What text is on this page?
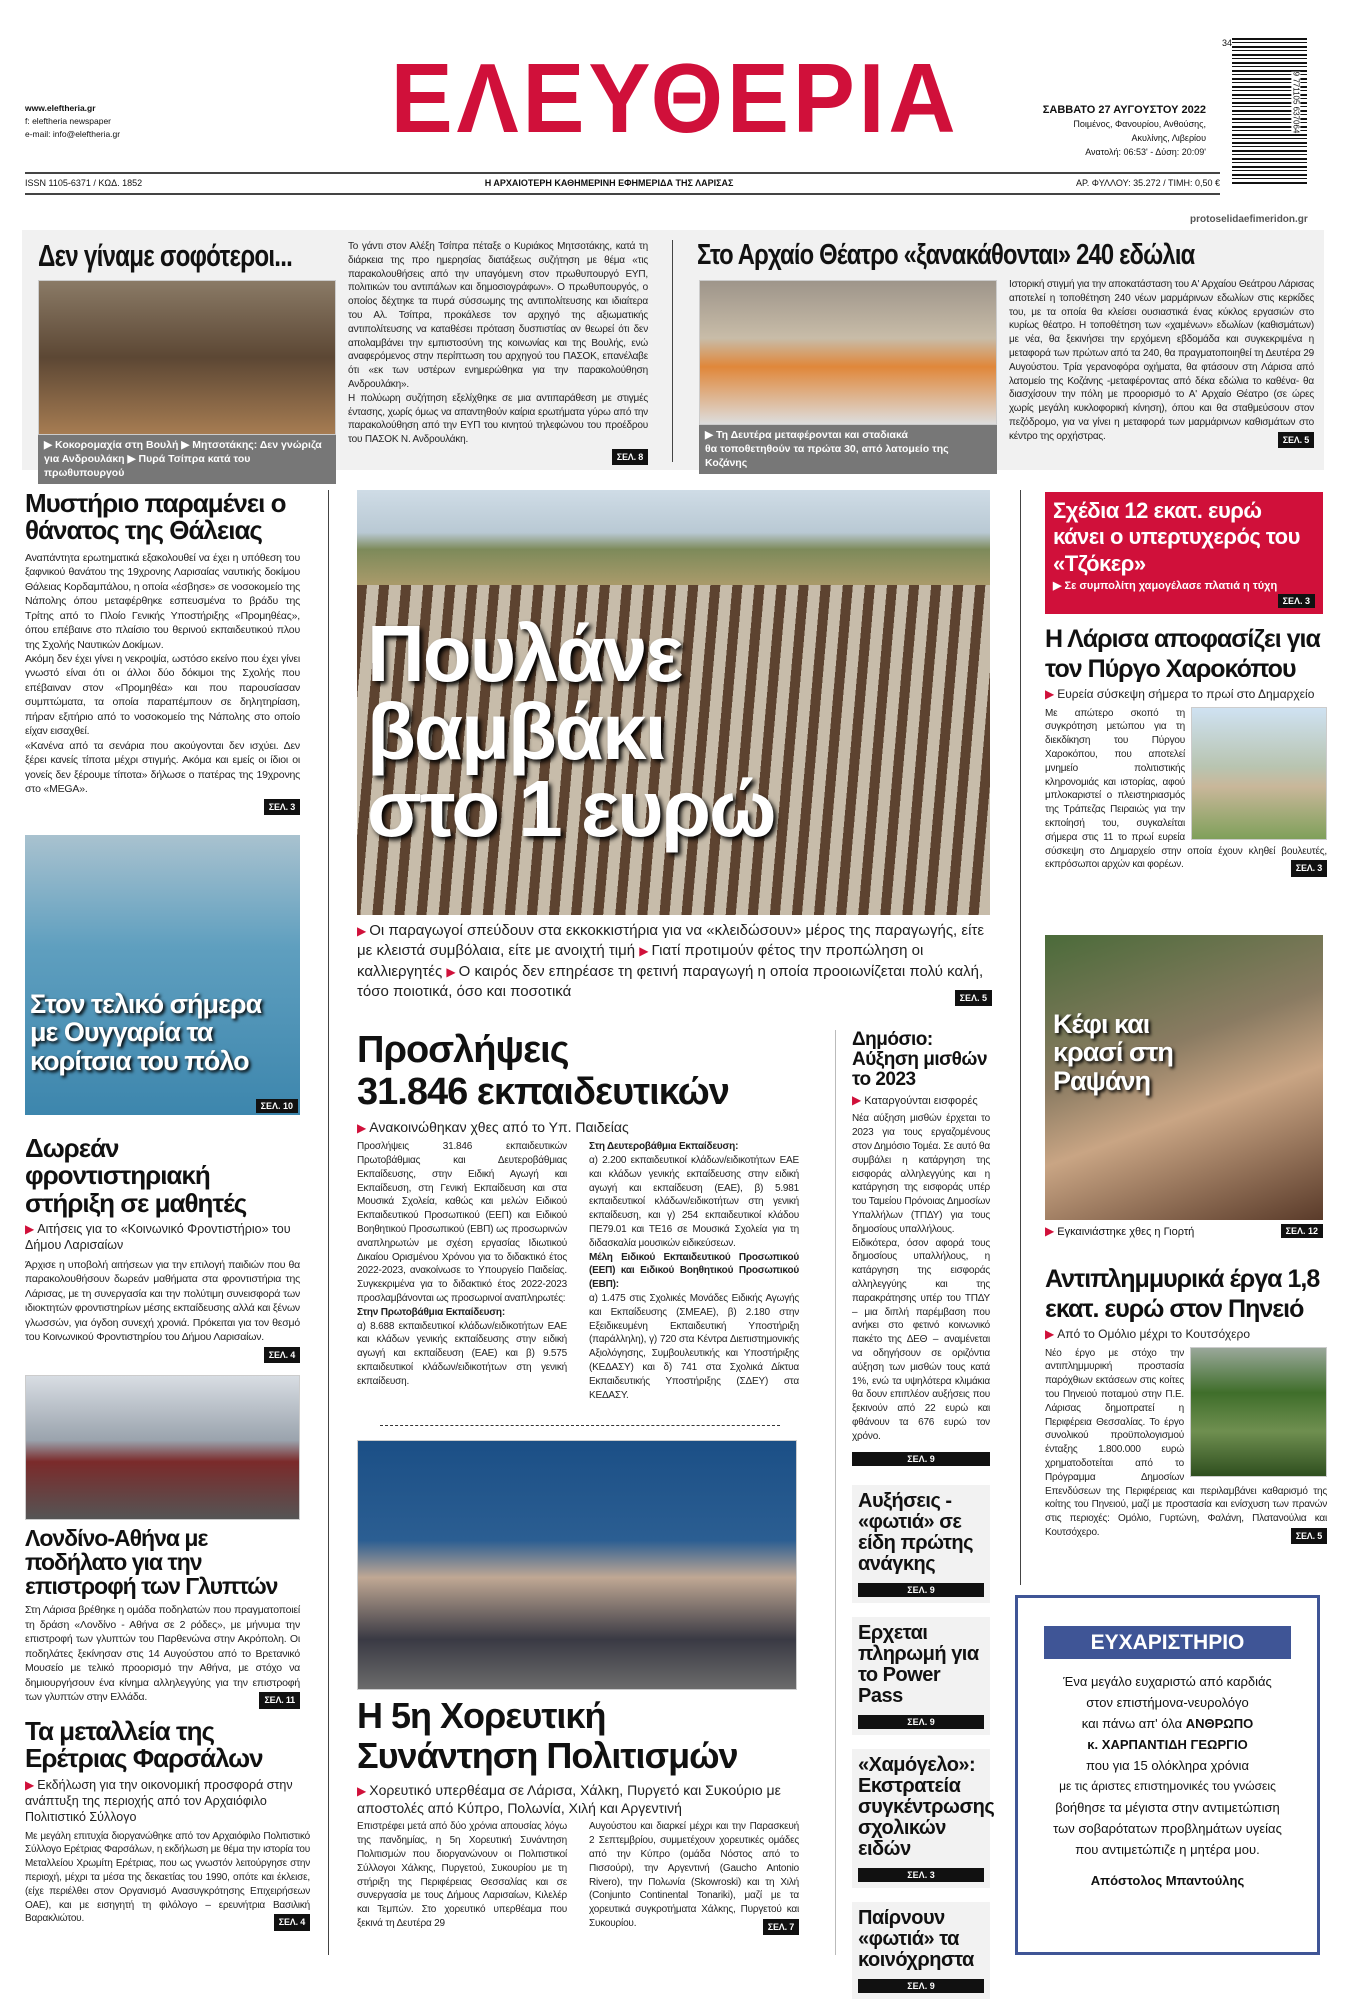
www.eleftheria.gr
f: eleftheria newspaper
e-mail: info@eleftheria.gr	ΕΛΕΥΘΕΡΙΑ	ΣΑΒΒΑΤΟ 27 ΑΥΓΟΥΣΤΟΥ 2022
Ποιμένος, Φανουρίου, Ανθούσης,
Ακυλίνης, Λιβερίου
Ανατολή: 06:53' - Δύση: 20:09'
9 771105 637064
34
ISSN 1105-6371 / ΚΩΔ. 1852	Η ΑΡΧΑΙΟΤΕΡΗ ΚΑΘΗΜΕΡΙΝΗ ΕΦΗΜΕΡΙΔΑ ΤΗΣ ΛΑΡΙΣΑΣ	ΑΡ. ΦΥΛΛΟΥ: 35.272 / ΤΙΜΗ: 0,50 €
protoselidaefimeridon.gr
Δεν γίναμε σοφότεροι...
▶ Κοκορομαχία στη Βουλή ▶ Μητσοτάκης: Δεν γνώριζα
για Ανδρουλάκη ▶ Πυρά Τσίπρα κατά του πρωθυπουργού
Το γάντι στον Αλέξη Τσίπρα πέταξε ο Κυριάκος Μητσοτάκης, κατά τη διάρκεια της προ ημερησίας διατάξεως συζήτηση με θέμα «τις παρακολουθήσεις από την υπαγόμενη στον πρωθυπουργό ΕΥΠ, πολιτικών του αντιπάλων και δημοσιογράφων». Ο πρωθυπουργός, ο οποίος δέχτηκε τα πυρά σύσσωμης της αντιπολίτευσης και ιδιαίτερα του Αλ. Τσίπρα, προκάλεσε τον αρχηγό της αξιωματικής αντιπολίτευσης να καταθέσει πρόταση δυσπιστίας αν θεωρεί ότι δεν απολαμβάνει την εμπιστοσύνη της κοινωνίας και της Βουλής, ενώ αναφερόμενος στην περίπτωση του αρχηγού του ΠΑΣΟΚ, επανέλαβε ότι «εκ των υστέρων ενημερώθηκα για την παρακολούθηση Ανδρουλάκη».
Η πολύωρη συζήτηση εξελίχθηκε σε μια αντιπαράθεση με στιγμές έντασης, χωρίς όμως να απαντηθούν καίρια ερωτήματα γύρω από την παρακολούθηση από την ΕΥΠ του κινητού τηλεφώνου του προέδρου του ΠΑΣΟΚ Ν. Ανδρουλάκη.
ΣΕΛ. 8
Στο Αρχαίο Θέατρο «ξανακάθονται» 240 εδώλια
▶ Τη Δευτέρα μεταφέρονται και σταδιακά
θα τοποθετηθούν τα πρώτα 30, από λατομείο της Κοζάνης
Ιστορική στιγμή για την αποκατάσταση του Α' Αρχαίου Θεάτρου Λάρισας αποτελεί η τοποθέτηση 240 νέων μαρμάρινων εδωλίων στις κερκίδες του, με τα οποία θα κλείσει ουσιαστικά ένας κύκλος εργασιών στο κυρίως θέατρο. Η τοποθέτηση των «χαμένων» εδωλίων (καθισμάτων) με νέα, θα ξεκινήσει την ερχόμενη εβδομάδα και συγκεκριμένα η μεταφορά των πρώτων από τα 240, θα πραγματοποιηθεί τη Δευτέρα 29 Αυγούστου. Τρία γερανοφόρα οχήματα, θα φτάσουν στη Λάρισα από λατομείο της Κοζάνης -μεταφέροντας από δέκα εδώλια το καθένα- θα διασχίσουν την πόλη με προορισμό το Α' Αρχαίο Θέατρο (σε ώρες χωρίς μεγάλη κυκλοφορική κίνηση), όπου και θα σταθμεύσουν στον πεζόδρομο, για να γίνει η μεταφορά των μαρμάρινων καθισμάτων στο κέντρο της ορχήστρας.	ΣΕΛ. 5
Μυστήριο παραμένει ο θάνατος της Θάλειας
Αναπάντητα ερωτηματικά εξακολουθεί να έχει η υπόθεση του ξαφνικού θανάτου της 19χρονης Λαρισαίας ναυτικής δοκίμου Θάλειας Κορδαμπάλου, η οποία «έσβησε» σε νοσοκομείο της Νάπολης όπου μεταφέρθηκε εσπευσμένα το βράδυ της Τρίτης από το Πλοίο Γενικής Υποστήριξης «Προμηθέας», όπου επέβαινε στο πλαίσιο του θερινού εκπαιδευτικού πλου της Σχολής Ναυτικών Δοκίμων.
Ακόμη δεν έχει γίνει η νεκροψία, ωστόσο εκείνο που έχει γίνει γνωστό είναι ότι οι άλλοι δύο δόκιμοι της Σχολής που επέβαιναν στον «Προμηθέα» και που παρουσίασαν συμπτώματα, τα οποία παραπέμπουν σε δηλητηρίαση, πήραν εξιτήριο από το νοσοκομείο της Νάπολης στο οποίο είχαν εισαχθεί.
«Κανένα από τα σενάρια που ακούγονται δεν ισχύει. Δεν ξέρει κανείς τίποτα μέχρι στιγμής. Ακόμα και εμείς οι ίδιοι οι γονείς δεν ξέρουμε τίποτα» δήλωσε ο πατέρας της 19χρονης στο «MEGA».
ΣΕΛ. 3
Στον τελικό σήμερα με Ουγγαρία τα κορίτσια του πόλο
ΣΕΛ. 10
Δωρεάν φροντιστηριακή στήριξη σε μαθητές
▶ Αιτήσεις για το «Κοινωνικό Φροντιστήριο» του Δήμου Λαρισαίων
Άρχισε η υποβολή αιτήσεων για την επιλογή παιδιών που θα παρακολουθήσουν δωρεάν μαθήματα στα φροντιστήρια της Λάρισας, με τη συνεργασία και την πολύτιμη συνεισφορά των ιδιοκτητών φροντιστηρίων μέσης εκπαίδευσης αλλά και ξένων γλωσσών, για όγδοη συνεχή χρονιά. Πρόκειται για τον θεσμό του Κοινωνικού Φροντιστηρίου του Δήμου Λαρισαίων.
ΣΕΛ. 4
Λονδίνο-Αθήνα με ποδήλατο για την επιστροφή των Γλυπτών
Στη Λάρισα βρέθηκε η ομάδα ποδηλατών που πραγματοποιεί τη δράση «Λονδίνο - Αθήνα σε 2 ρόδες», με μήνυμα την επιστροφή των γλυπτών του Παρθενώνα στην Ακρόπολη. Οι ποδηλάτες ξεκίνησαν στις 14 Αυγούστου από το Βρετανικό Μουσείο με τελικό προορισμό την Αθήνα, με στόχο να δημιουργήσουν ένα κίνημα αλληλεγγύης για την επιστροφή των γλυπτών στην Ελλάδα.	ΣΕΛ. 11
Τα μεταλλεία της Ερέτριας Φαρσάλων
▶ Εκδήλωση για την οικονομική προσφορά στην ανάπτυξη της περιοχής από τον Αρχαιόφιλο Πολιτιστικό Σύλλογο
Με μεγάλη επιτυχία διοργανώθηκε από τον Αρχαιόφιλο Πολιτιστικό Σύλλογο Ερέτριας Φαρσάλων, η εκδήλωση με θέμα την ιστορία του Μεταλλείου Χρωμίτη Ερέτριας, που ως γνωστόν λειτούργησε στην περιοχή, μέχρι τα μέσα της δεκαετίας του 1990, οπότε και έκλεισε, (είχε περιέλθει στον Οργανισμό Ανασυγκρότησης Επιχειρήσεων ΟΑΕ), και με εισηγητή τη φιλόλογο – ερευνήτρια Βασιλική Βαρακλιώτου.	ΣΕΛ. 4
Πουλάνε
βαμβάκι
στο 1 ευρώ
▶ Οι παραγωγοί σπεύδουν στα εκκοκκιστήρια για να «κλειδώσουν» μέρος της παραγωγής, είτε με κλειστά συμβόλαια, είτε με ανοιχτή τιμή ▶ Γιατί προτιμούν φέτος την προπώληση οι καλλιεργητές ▶ Ο καιρός δεν επηρέασε τη φετινή παραγωγή η οποία προοιωνίζεται πολύ καλή, τόσο ποιοτικά, όσο και ποσοτικά	ΣΕΛ. 5
Προσλήψεις
31.846 εκπαιδευτικών
▶ Ανακοινώθηκαν χθες από το Υπ. Παιδείας
Προσλήψεις 31.846 εκπαιδευτικών Πρωτοβάθμιας και Δευτεροβάθμιας Εκπαίδευσης, στην Ειδική Αγωγή και Εκπαίδευση, στη Γενική Εκπαίδευση και στα Μουσικά Σχολεία, καθώς και μελών Ειδικού Εκπαιδευτικού Προσωπικού (ΕΕΠ) και Ειδικού Βοηθητικού Προσωπικού (ΕΒΠ) ως προσωρινών αναπληρωτών με σχέση εργασίας Ιδιωτικού Δικαίου Ορισμένου Χρόνου για το διδακτικό έτος 2022-2023, ανακοίνωσε το Υπουργείο Παιδείας. Συγκεκριμένα για το διδακτικό έτος 2022-2023 προσλαμβάνονται ως προσωρινοί αναπληρωτές:
Στην Πρωτοβάθμια Εκπαίδευση:
α) 8.688 εκπαιδευτικοί κλάδων/ειδικοτήτων ΕΑΕ και κλάδων γενικής εκπαίδευσης στην ειδική αγωγή και εκπαίδευση (ΕΑΕ) και β) 9.575 εκπαιδευτικοί κλάδων/ειδικοτήτων στη γενική εκπαίδευση.
Στη Δευτεροβάθμια Εκπαίδευση:
α) 2.200 εκπαιδευτικοί κλάδων/ειδικοτήτων ΕΑΕ και κλάδων γενικής εκπαίδευσης στην ειδική αγωγή και εκπαίδευση (ΕΑΕ), β) 5.981 εκπαιδευτικοί κλάδων/ειδικοτήτων στη γενική εκπαίδευση, και γ) 254 εκπαιδευτικοί κλάδου ΠΕ79.01 και ΤΕ16 σε Μουσικά Σχολεία για τη διδασκαλία μουσικών ειδικεύσεων.
Μέλη Ειδικού Εκπαιδευτικού Προσωπικού (ΕΕΠ) και Ειδικού Βοηθητικού Προσωπικού (ΕΒΠ):
α) 1.475 στις Σχολικές Μονάδες Ειδικής Αγωγής και Εκπαίδευσης (ΣΜΕΑΕ), β) 2.180 στην Εξειδικευμένη Εκπαιδευτική Υποστήριξη (παράλληλη), γ) 720 στα Κέντρα Διεπιστημονικής Αξιολόγησης, Συμβουλευτικής και Υποστήριξης (ΚΕΔΑΣΥ) και δ) 741 στα Σχολικά Δίκτυα Εκπαιδευτικής Υποστήριξης (ΣΔΕΥ) στα ΚΕΔΑΣΥ.
Η 5η Χορευτική
Συνάντηση Πολιτισμών
▶ Χορευτικό υπερθέαμα σε Λάρισα, Χάλκη, Πυργετό και Συκούριο με αποστολές από Κύπρο, Πολωνία, Χιλή και Αργεντινή
Επιστρέφει μετά από δύο χρόνια απουσίας λόγω της πανδημίας, η 5η Χορευτική Συνάντηση Πολιτισμών που διοργανώνουν οι Πολιτιστικοί Σύλλογοι Χάλκης, Πυργετού, Συκουρίου με τη στήριξη της Περιφέρειας Θεσσαλίας και σε συνεργασία με τους Δήμους Λαρισαίων, Κιλελέρ και Τεμπών. Στο χορευτικό υπερθέαμα που ξεκινά τη Δευτέρα 29
Αυγούστου και διαρκεί μέχρι και την Παρασκευή 2 Σεπτεμβρίου, συμμετέχουν χορευτικές ομάδες από την Κύπρο (ομάδα Νόστος από το Πισσούρι), την Αργεντινή (Gaucho Antonio Rivero), την Πολωνία (Skowroski) και τη Χιλή (Conjunto Continental Tonariki), μαζί με τα χορευτικά συγκροτήματα Χάλκης, Πυργετού και Συκουρίου.	ΣΕΛ. 7
Δημόσιο: Αύξηση μισθών το 2023
▶ Καταργούνται εισφορές
Νέα αύξηση μισθών έρχεται το 2023 για τους εργαζομένους στον Δημόσιο Τομέα. Σε αυτό θα συμβάλει η κατάργηση της εισφοράς αλληλεγγύης και η κατάργηση της εισφοράς υπέρ του Ταμείου Πρόνοιας Δημοσίων Υπαλλήλων (ΤΠΔΥ) για τους δημοσίους υπαλλήλους.
Ειδικότερα, όσον αφορά τους δημοσίους υπαλλήλους, η κατάργηση της εισφοράς αλληλεγγύης και της παρακράτησης υπέρ του ΤΠΔΥ – μια διπλή παρέμβαση που ανήκει στο φετινό κοινωνικό πακέτο της ΔΕΘ – αναμένεται να οδηγήσουν σε οριζόντια αύξηση των μισθών τους κατά 1%, ενώ τα υψηλότερα κλιμάκια θα δουν επιπλέον αυξήσεις που ξεκινούν από 22 ευρώ και φθάνουν τα 676 ευρώ τον χρόνο.
ΣΕΛ. 9
Αυξήσεις - «φωτιά» σε είδη πρώτης ανάγκης
ΣΕΛ. 9
Ερχεται πληρωμή για το Power Pass
ΣΕΛ. 9
«Χαμόγελο»: Εκστρατεία συγκέντρωσης σχολικών ειδών
ΣΕΛ. 3
Παίρνουν «φωτιά» τα κοινόχρηστα
ΣΕΛ. 9
Σχέδια 12 εκατ. ευρώ κάνει ο υπερτυχερός του «Τζόκερ»
▶ Σε συμπολίτη χαμογέλασε πλατιά η τύχη
ΣΕΛ. 3
Η Λάρισα αποφασίζει για τον Πύργο Χαροκόπου
▶ Ευρεία σύσκεψη σήμερα το πρωί στο Δημαρχείο
Με απώτερο σκοπό τη συγκρότηση μετώπου για τη διεκδίκηση του Πύργου Χαροκόπου, που αποτελεί μνημείο πολιτιστικής κληρονομιάς και ιστορίας, αφού μπλοκαριστεί ο πλειστηριασμός της Τράπεζας Πειραιώς για την εκποίησή του, συγκαλείται σήμερα στις 11 το πρωί ευρεία σύσκεψη στο Δημαρχείο στην οποία έχουν κληθεί βουλευτές, εκπρόσωποι αρχών και φορέων.	ΣΕΛ. 3
Κέφι και κρασί στη Ραψάνη
▶ Εγκαινιάστηκε χθες η Γιορτή	ΣΕΛ. 12
Αντιπλημμυρικά έργα 1,8 εκατ. ευρώ στον Πηνειό
▶ Από το Ομόλιο μέχρι το Κουτσόχερο
Νέο έργο με στόχο την αντιπλημμυρική προστασία παρόχθιων εκτάσεων στις κοίτες του Πηνειού ποταμού στην Π.Ε. Λάρισας δημοπρατεί η Περιφέρεια Θεσσαλίας. Το έργο συνολικού προϋπολογισμού ένταξης 1.800.000 ευρώ χρηματοδοτείται από το Πρόγραμμα Δημοσίων Επενδύσεων της Περιφέρειας και περιλαμβάνει καθαρισμό της κοίτης του Πηνειού, μαζί με προστασία και ενίσχυση των πρανών στις περιοχές: Ομόλιο, Γυρτώνη, Φαλάνη, Πλατανούλια και Κουτσόχερο.	ΣΕΛ. 5
ΕΥΧΑΡΙΣΤΗΡΙΟ
Ένα μεγάλο ευχαριστώ από καρδιάς
στον επιστήμονα-νευρολόγο
και πάνω απ' όλα ΑΝΘΡΩΠΟ
κ. ΧΑΡΠΑΝΤΙΔΗ ΓΕΩΡΓΙΟ
που για 15 ολόκληρα χρόνια
με τις άριστες επιστημονικές του γνώσεις
βοήθησε τα μέγιστα στην αντιμετώπιση
των σοβαρότατων προβλημάτων υγείας
που αντιμετώπιζε η μητέρα μου.
Απόστολος Μπαντούλης
